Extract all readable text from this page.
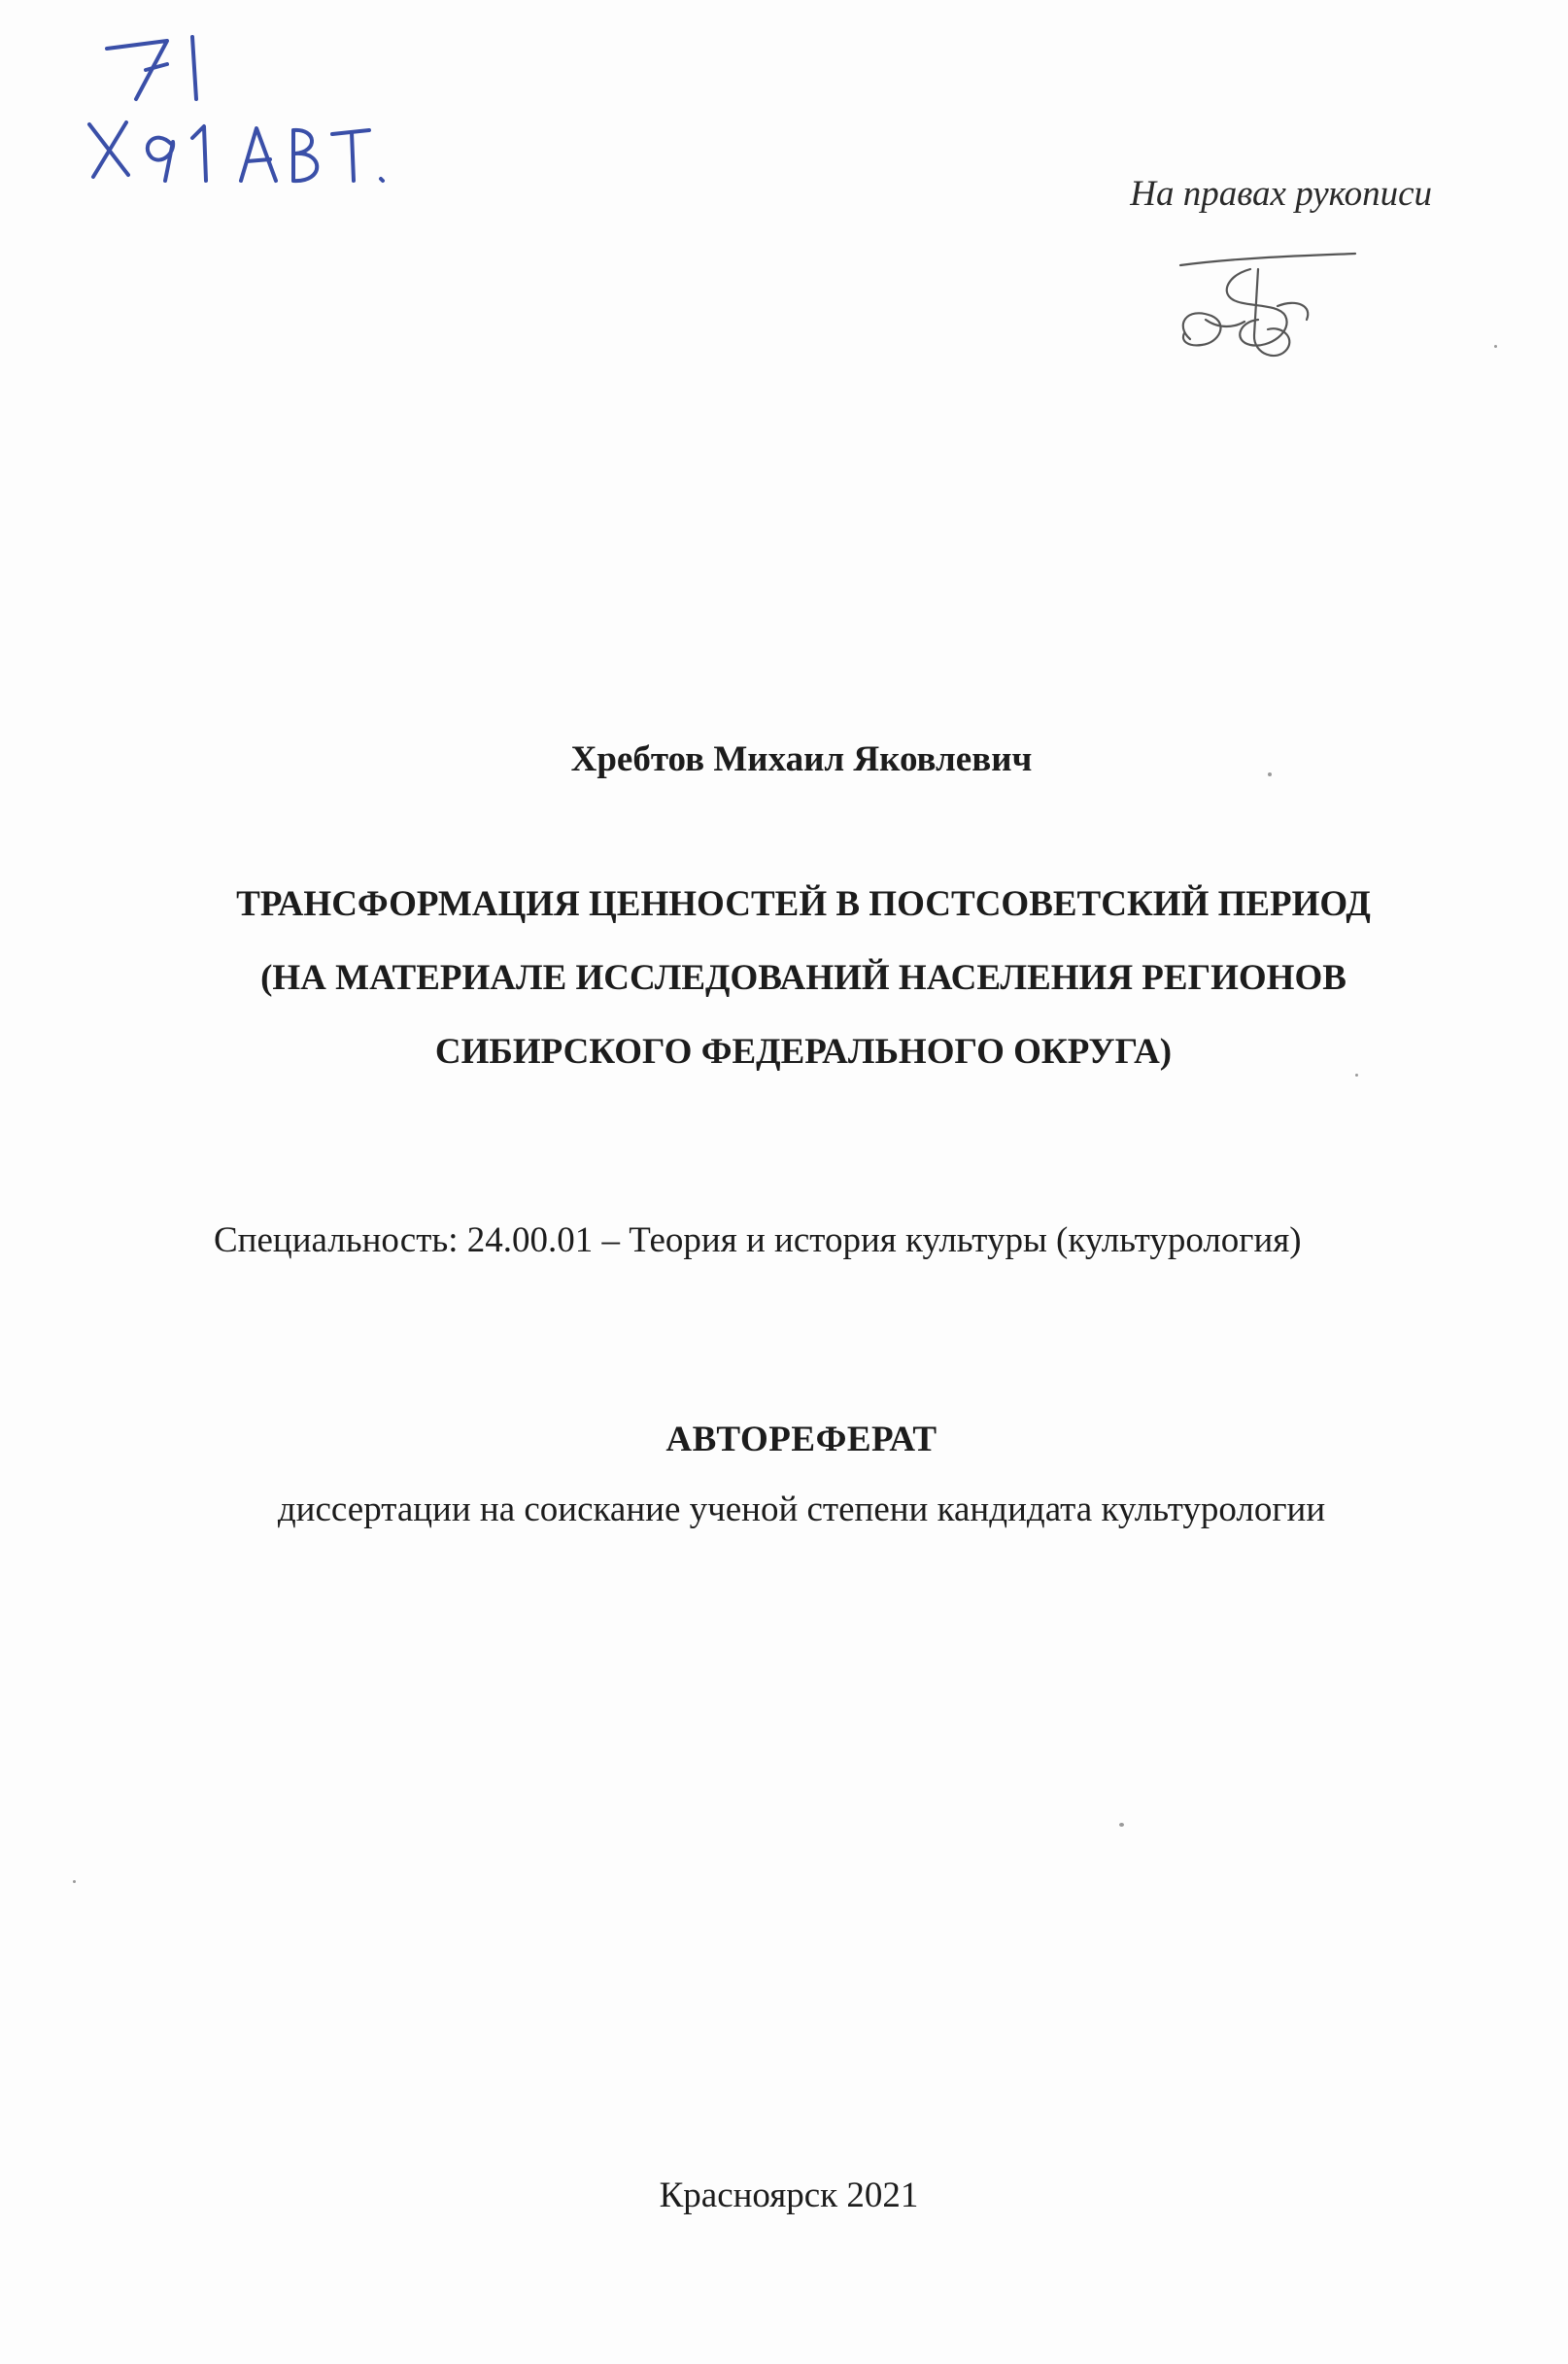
На правах рукописи
Хребтов Михаил Яковлевич
ТРАНСФОРМАЦИЯ ЦЕННОСТЕЙ В ПОСТСОВЕТСКИЙ ПЕРИОД
(НА МАТЕРИАЛЕ ИССЛЕДОВАНИЙ НАСЕЛЕНИЯ РЕГИОНОВ
СИБИРСКОГО ФЕДЕРАЛЬНОГО ОКРУГА)
Специальность: 24.00.01 – Теория и история культуры (культурология)
АВТОРЕФЕРАТ
диссертации на соискание ученой степени кандидата культурологии
Красноярск 2021
